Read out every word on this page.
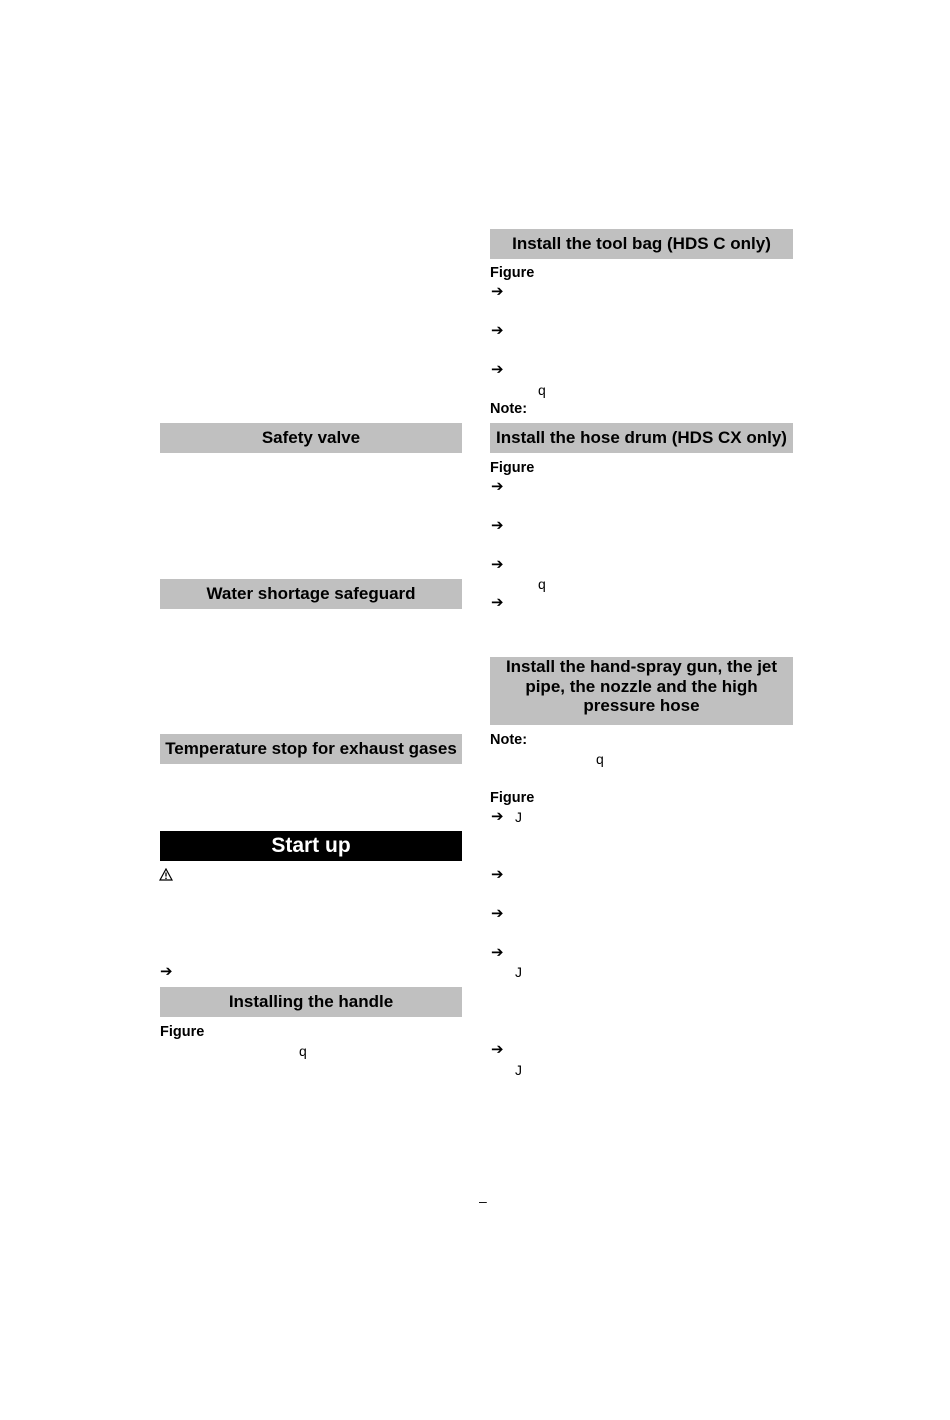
Safety valve
Water shortage safeguard
Temperature stop for exhaust gases
Start up
➔
Installing the handle
Figure
q
Install the tool bag (HDS C only)
Figure
➔
➔
➔
q
Note:
Install the hose drum (HDS CX only)
Figure
➔
➔
➔
q
➔
Install the hand-spray gun, the jet pipe, the nozzle and the high pressure hose
Note:
q
Figure
➔ J
➔
➔
➔
J
➔
J
–
